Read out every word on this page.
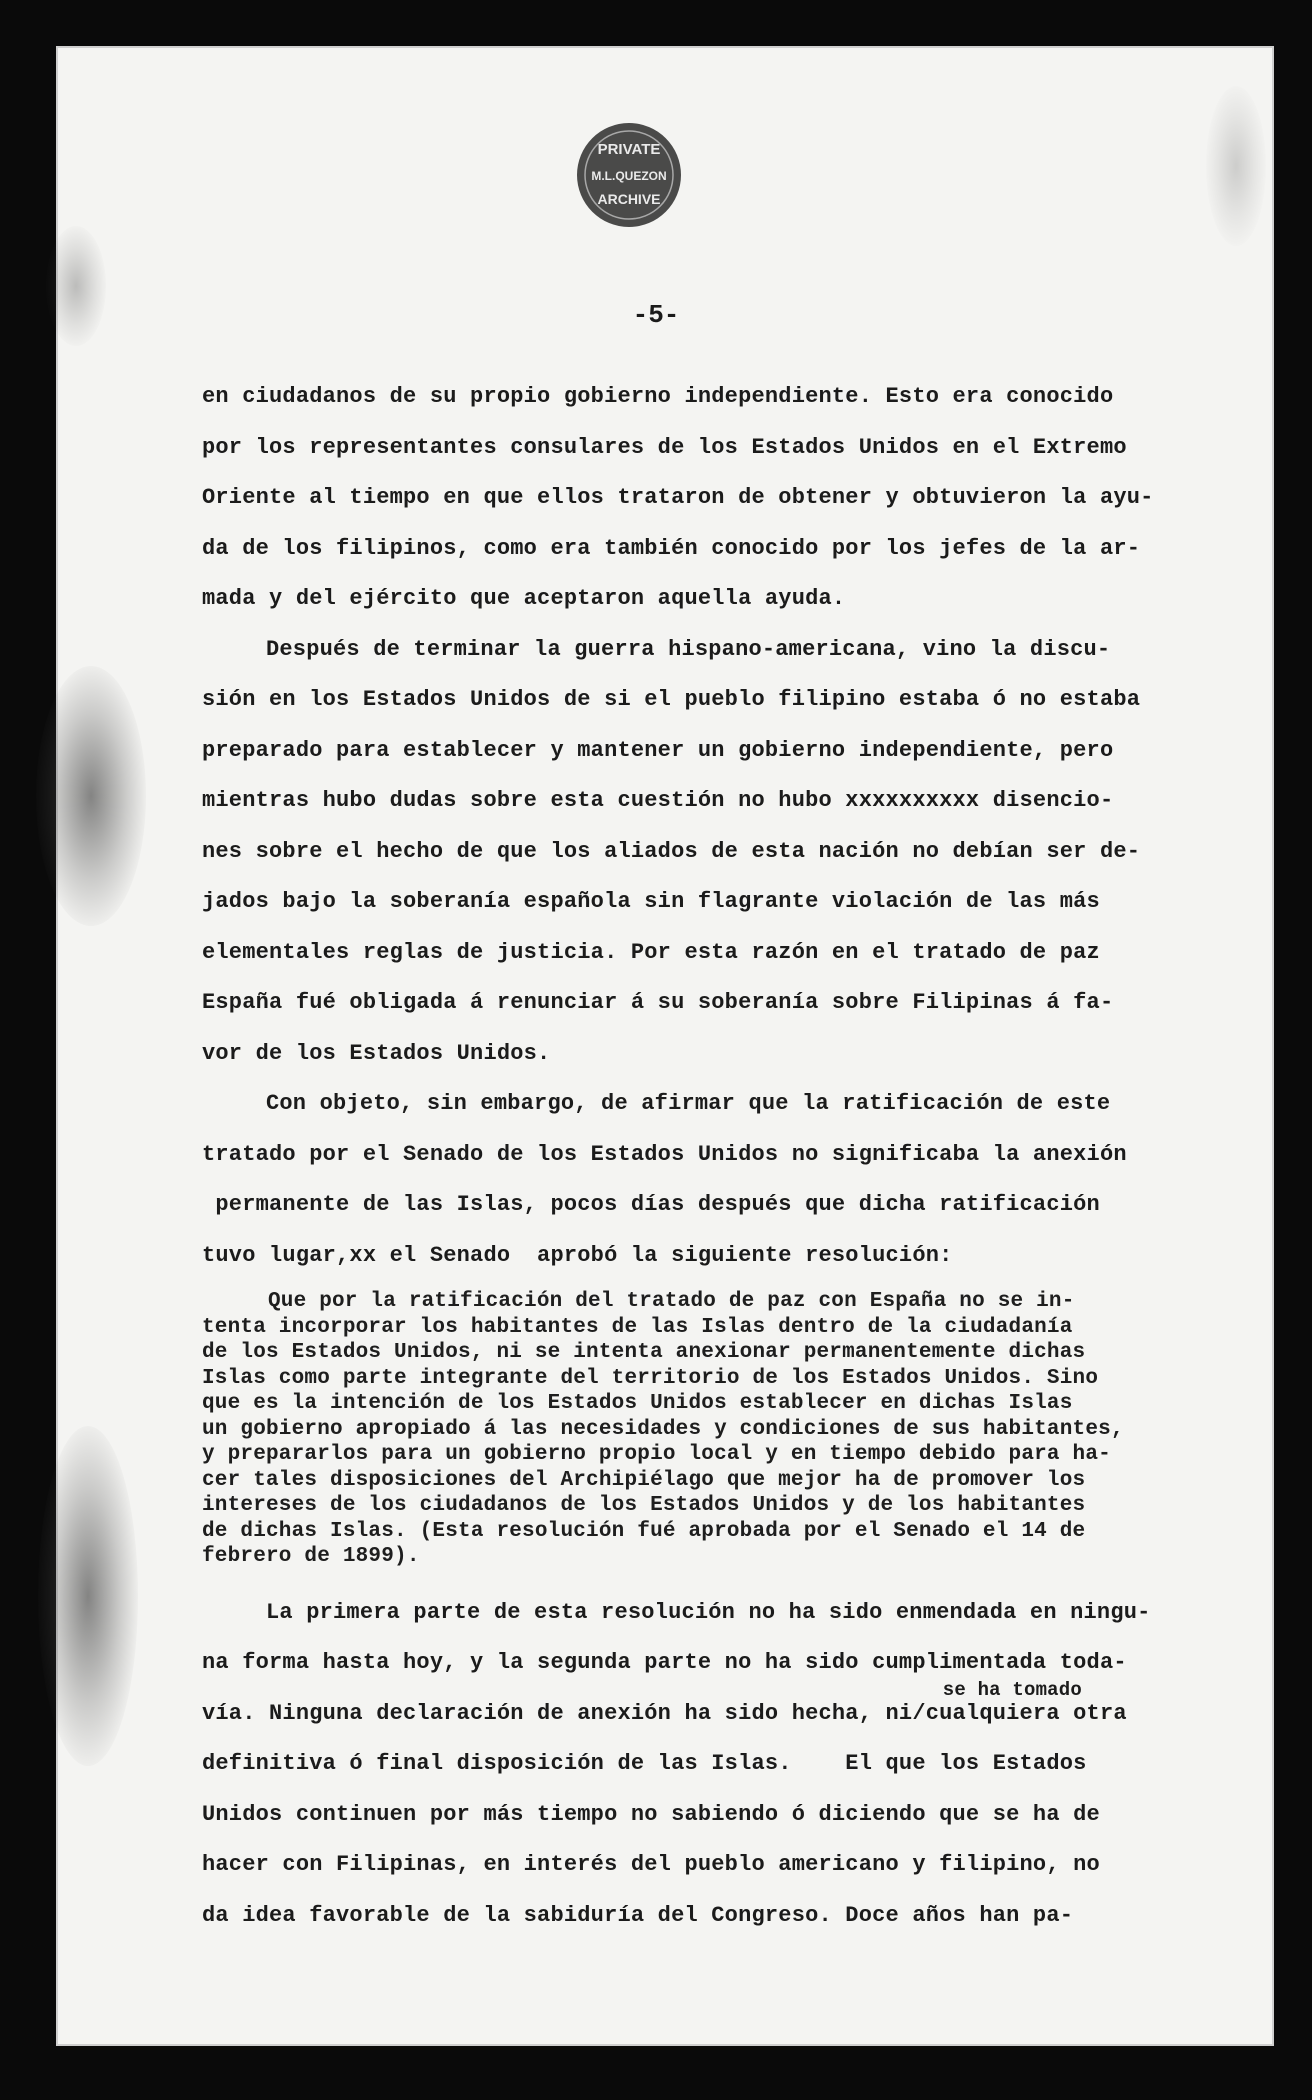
PRIVATE
M.L.QUEZON
ARCHIVE
-5-
en ciudadanos de su propio gobierno independiente. Esto era conocido
por los representantes consulares de los Estados Unidos en el Extremo
Oriente al tiempo en que ellos trataron de obtener y obtuvieron la ayu-
da de los filipinos, como era también conocido por los jefes de la ar-
mada y del ejército que aceptaron aquella ayuda.
Después de terminar la guerra hispano-americana, vino la discu-
sión en los Estados Unidos de si el pueblo filipino estaba ó no estaba
preparado para establecer y mantener un gobierno independiente, pero
mientras hubo dudas sobre esta cuestión no hubo xxxxxxxxxx disencio-
nes sobre el hecho de que los aliados de esta nación no debían ser de-
jados bajo la soberanía española sin flagrante violación de las más
elementales reglas de justicia. Por esta razón en el tratado de paz
España fué obligada á renunciar á su soberanía sobre Filipinas á fa-
vor de los Estados Unidos.
Con objeto, sin embargo, de afirmar que la ratificación de este
tratado por el Senado de los Estados Unidos no significaba la anexión
permanente de las Islas, pocos días después que dicha ratificación
tuvo lugar,xx el Senado  aprobó la siguiente resolución:
Que por la ratificación del tratado de paz con España no se in-
tenta incorporar los habitantes de las Islas dentro de la ciudadanía
de los Estados Unidos, ni se intenta anexionar permanentemente dichas
Islas como parte integrante del territorio de los Estados Unidos. Sino
que es la intención de los Estados Unidos establecer en dichas Islas
un gobierno apropiado á las necesidades y condiciones de sus habitantes,
y prepararlos para un gobierno propio local y en tiempo debido para ha-
cer tales disposiciones del Archipiélago que mejor ha de promover los
intereses de los ciudadanos de los Estados Unidos y de los habitantes
de dichas Islas. (Esta resolución fué aprobada por el Senado el 14 de
febrero de 1899).
La primera parte de esta resolución no ha sido enmendada en ningu-
na forma hasta hoy, y la segunda parte no ha sido cumplimentada toda-
se ha tomado
vía. Ninguna declaración de anexión ha sido hecha, ni/cualquiera otra
definitiva ó final disposición de las Islas.    El que los Estados
Unidos continuen por más tiempo no sabiendo ó diciendo que se ha de
hacer con Filipinas, en interés del pueblo americano y filipino, no
da idea favorable de la sabiduría del Congreso. Doce años han pa-
